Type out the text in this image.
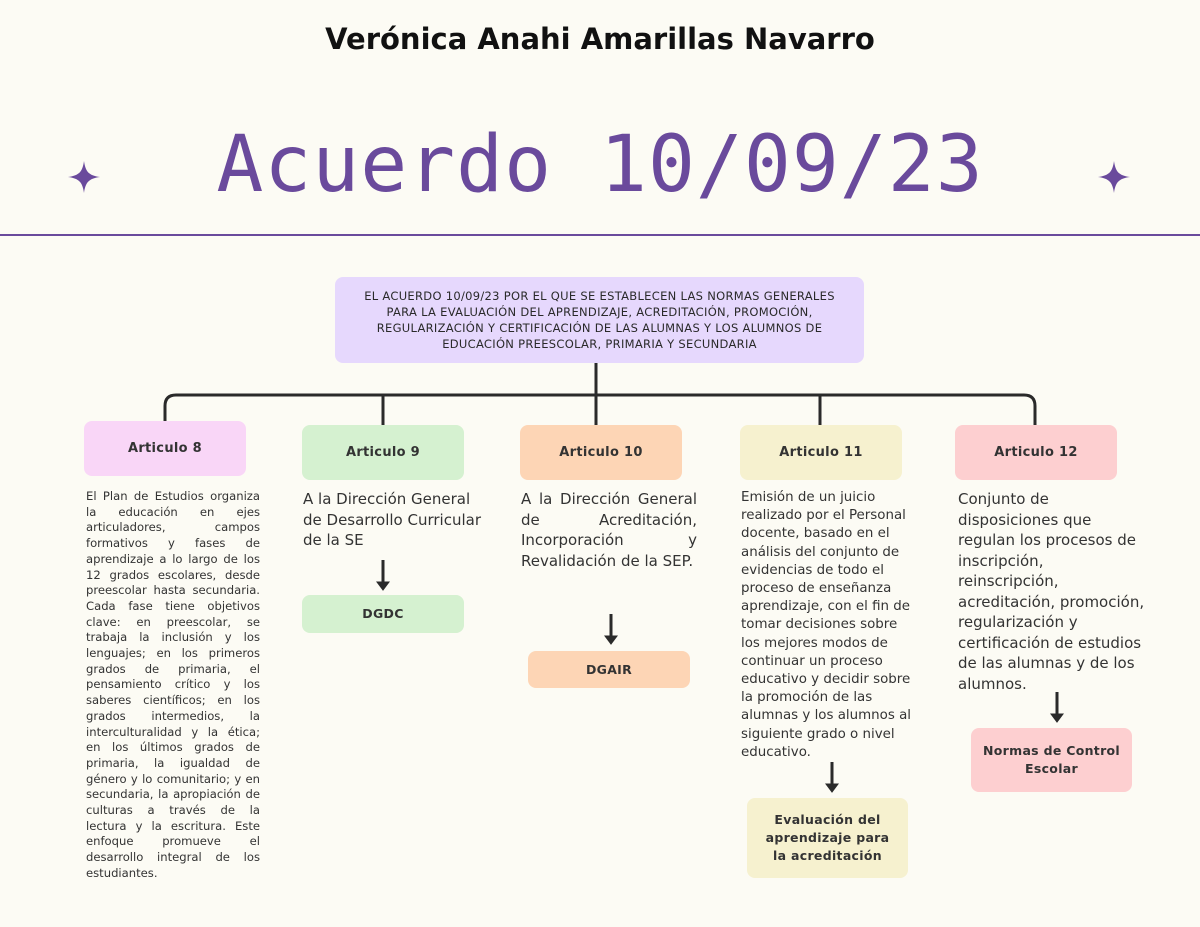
Verónica Anahi Amarillas Navarro
Acuerdo 10/09/23
EL ACUERDO 10/09/23 POR EL QUE SE ESTABLECEN LAS NORMAS GENERALES PARA LA EVALUACIÓN DEL APRENDIZAJE, ACREDITACIÓN, PROMOCIÓN, REGULARIZACIÓN Y CERTIFICACIÓN DE LAS ALUMNAS Y LOS ALUMNOS DE EDUCACIÓN PREESCOLAR, PRIMARIA Y SECUNDARIA
Articulo 8	Articulo 9	Articulo 10	Articulo 11	Articulo 12
El Plan de Estudios organiza la educación en ejes articuladores, campos formativos y fases de aprendizaje a lo largo de los 12 grados escolares, desde preescolar hasta secundaria. Cada fase tiene objetivos clave: en preescolar, se trabaja la inclusión y los lenguajes; en los primeros grados de primaria, el pensamiento crítico y los saberes científicos; en los grados intermedios, la interculturalidad y la ética; en los últimos grados de primaria, la igualdad de género y lo comunitario; y en secundaria, la apropiación de culturas a través de la lectura y la escritura. Este enfoque promueve el desarrollo integral de los estudiantes.
A la Dirección General de Desarrollo Curricular de la SE
A la Dirección General de Acreditación, Incorporación y Revalidación de la SEP.
Emisión de un juicio realizado por el Personal docente, basado en el análisis del conjunto de evidencias de todo el proceso de enseñanza aprendizaje, con el fin de tomar decisiones sobre los mejores modos de continuar un proceso educativo y decidir sobre la promoción de las alumnas y los alumnos al siguiente grado o nivel educativo.
Conjunto de disposiciones que regulan los procesos de inscripción, reinscripción, acreditación, promoción, regularización y certificación de estudios de las alumnas y de los alumnos.
DGDC
DGAIR
Evaluación del aprendizaje para la acreditación
Normas de Control Escolar
